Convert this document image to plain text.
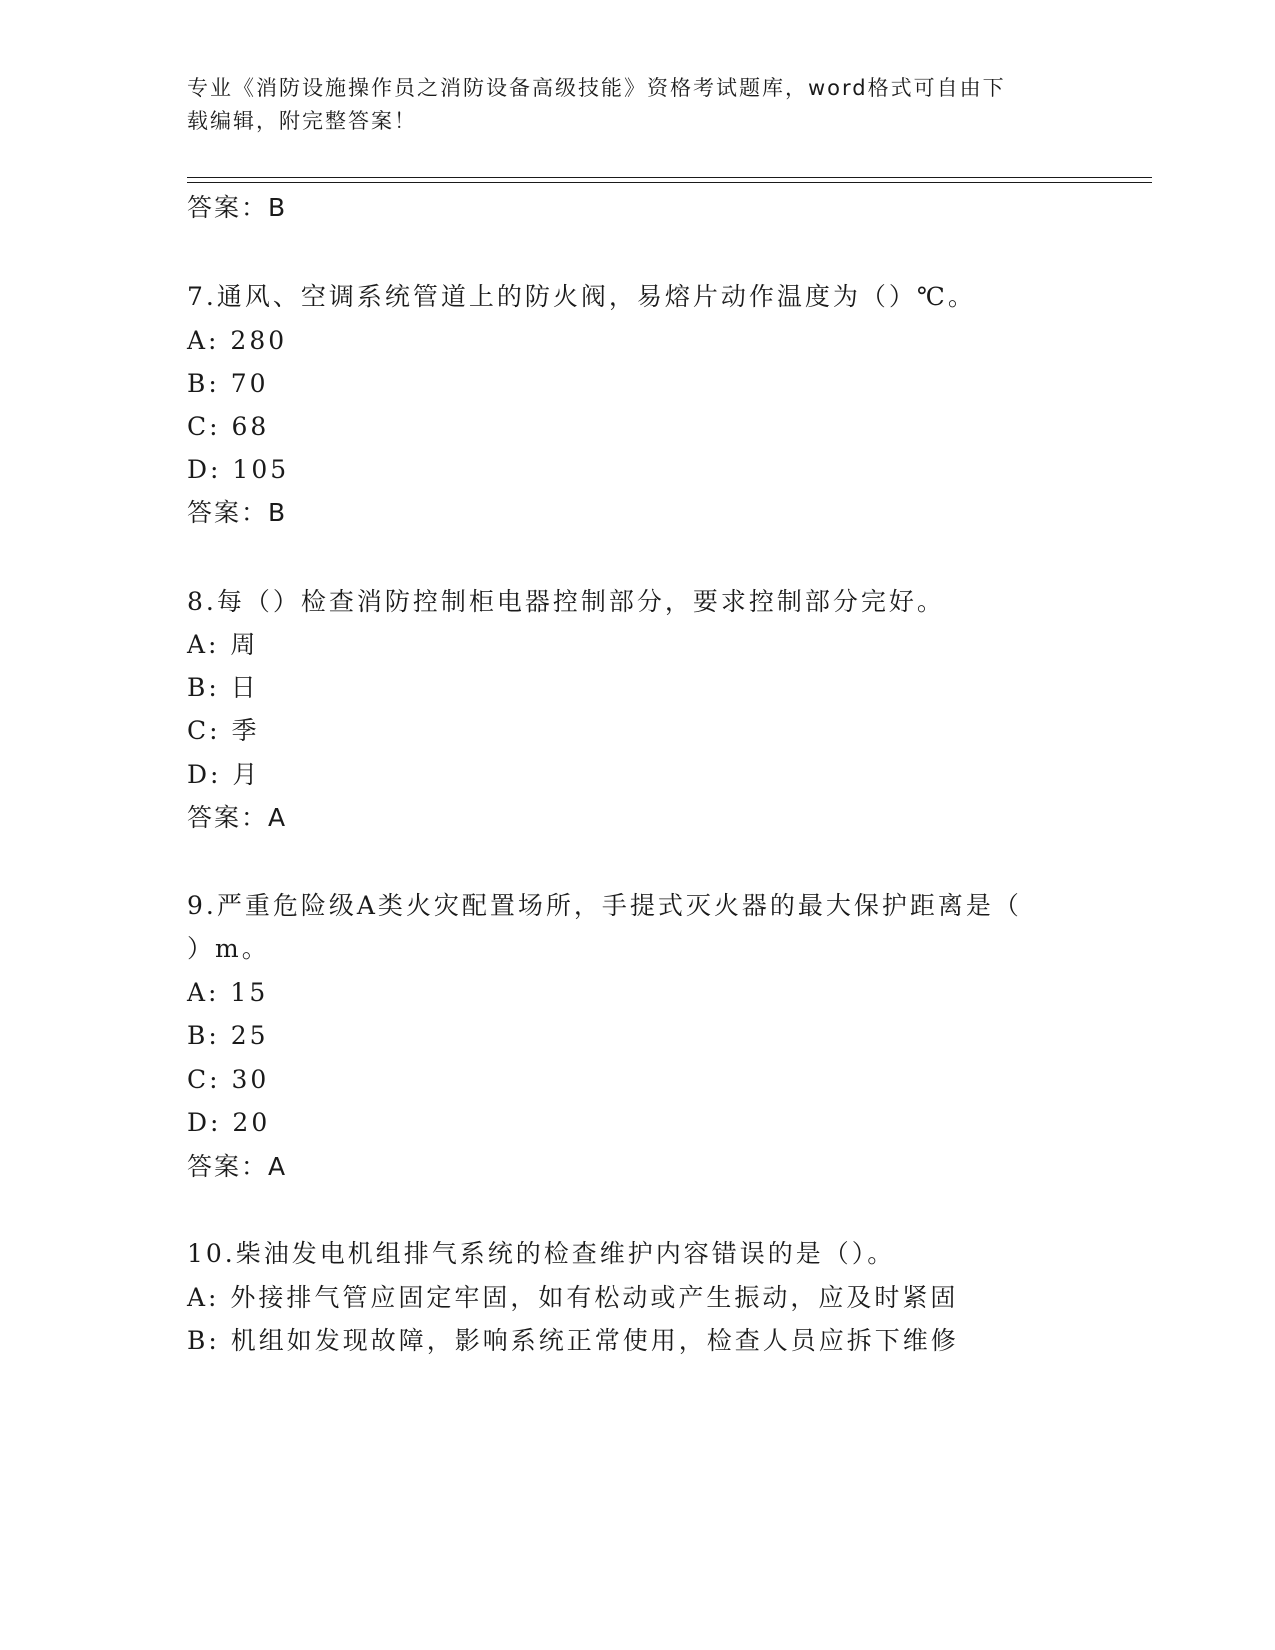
专业《消防设施操作员之消防设备高级技能》资格考试题库，word格式可自由下
载编辑，附完整答案！
答案：B
7.通风、空调系统管道上的防火阀，易熔片动作温度为（）℃。
A: 280
B: 70
C: 68
D: 105
答案：B
8.每（）检查消防控制柜电器控制部分，要求控制部分完好。
A: 周
B: 日
C: 季
D: 月
答案：A
9.严重危险级A类火灾配置场所，手提式灭火器的最大保护距离是（
）m。
A: 15
B: 25
C: 30
D: 20
答案：A
10.柴油发电机组排气系统的检查维护内容错误的是（）。
A: 外接排气管应固定牢固，如有松动或产生振动，应及时紧固
B: 机组如发现故障，影响系统正常使用，检查人员应拆下维修
